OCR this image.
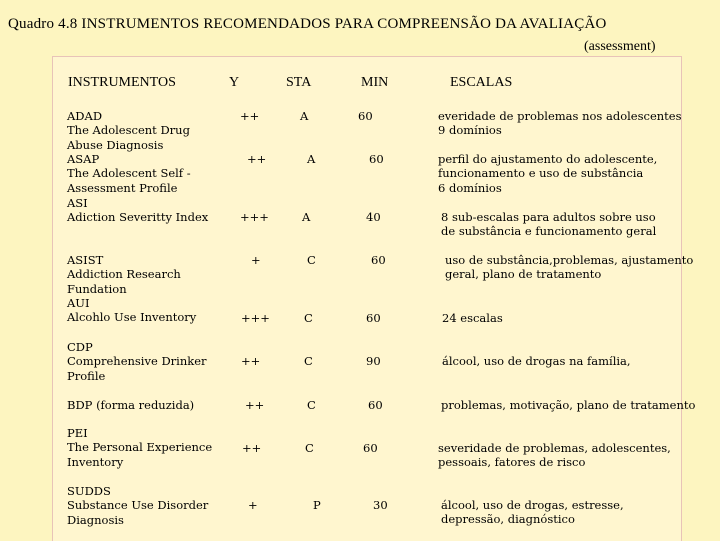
Quadro 4.8 INSTRUMENTOS RECOMENDADOS PARA COMPREENSÃO DA AVALIAÇÃO
(assessment)
INSTRUMENTOS	Y	STA	MIN	ESCALAS
ADAD
The Adolescent Drug
Abuse Diagnosis
++	A	60	everidade de problemas nos adolescentes
9 domínios
ASAP
The Adolescent Self -
Assessment Profile
++	A	60	perfil do ajustamento do adolescente,
funcionamento e uso de substância
6 domínios
ASI
Adiction Severitty Index	+++	A	40	8 sub-escalas para adultos sobre uso
de substância e funcionamento geral
ASIST
Addiction Research
Fundation
+	C	60	uso de substância,problemas, ajustamento
geral, plano de tratamento
AUI
Alcohlo Use Inventory	+++	C	60	24 escalas
CDP
Comprehensive Drinker
Profile
++	C	90	álcool, uso de drogas na família,
BDP (forma reduzida)	++	C	60	problemas, motivação, plano de tratamento
PEI
The Personal Experience
Inventory
++	C	60	severidade de problemas, adolescentes,
pessoais, fatores de risco
SUDDS
Substance Use Disorder
Diagnosis
+	P	30	álcool, uso de drogas, estresse,
depressão, diagnóstico
